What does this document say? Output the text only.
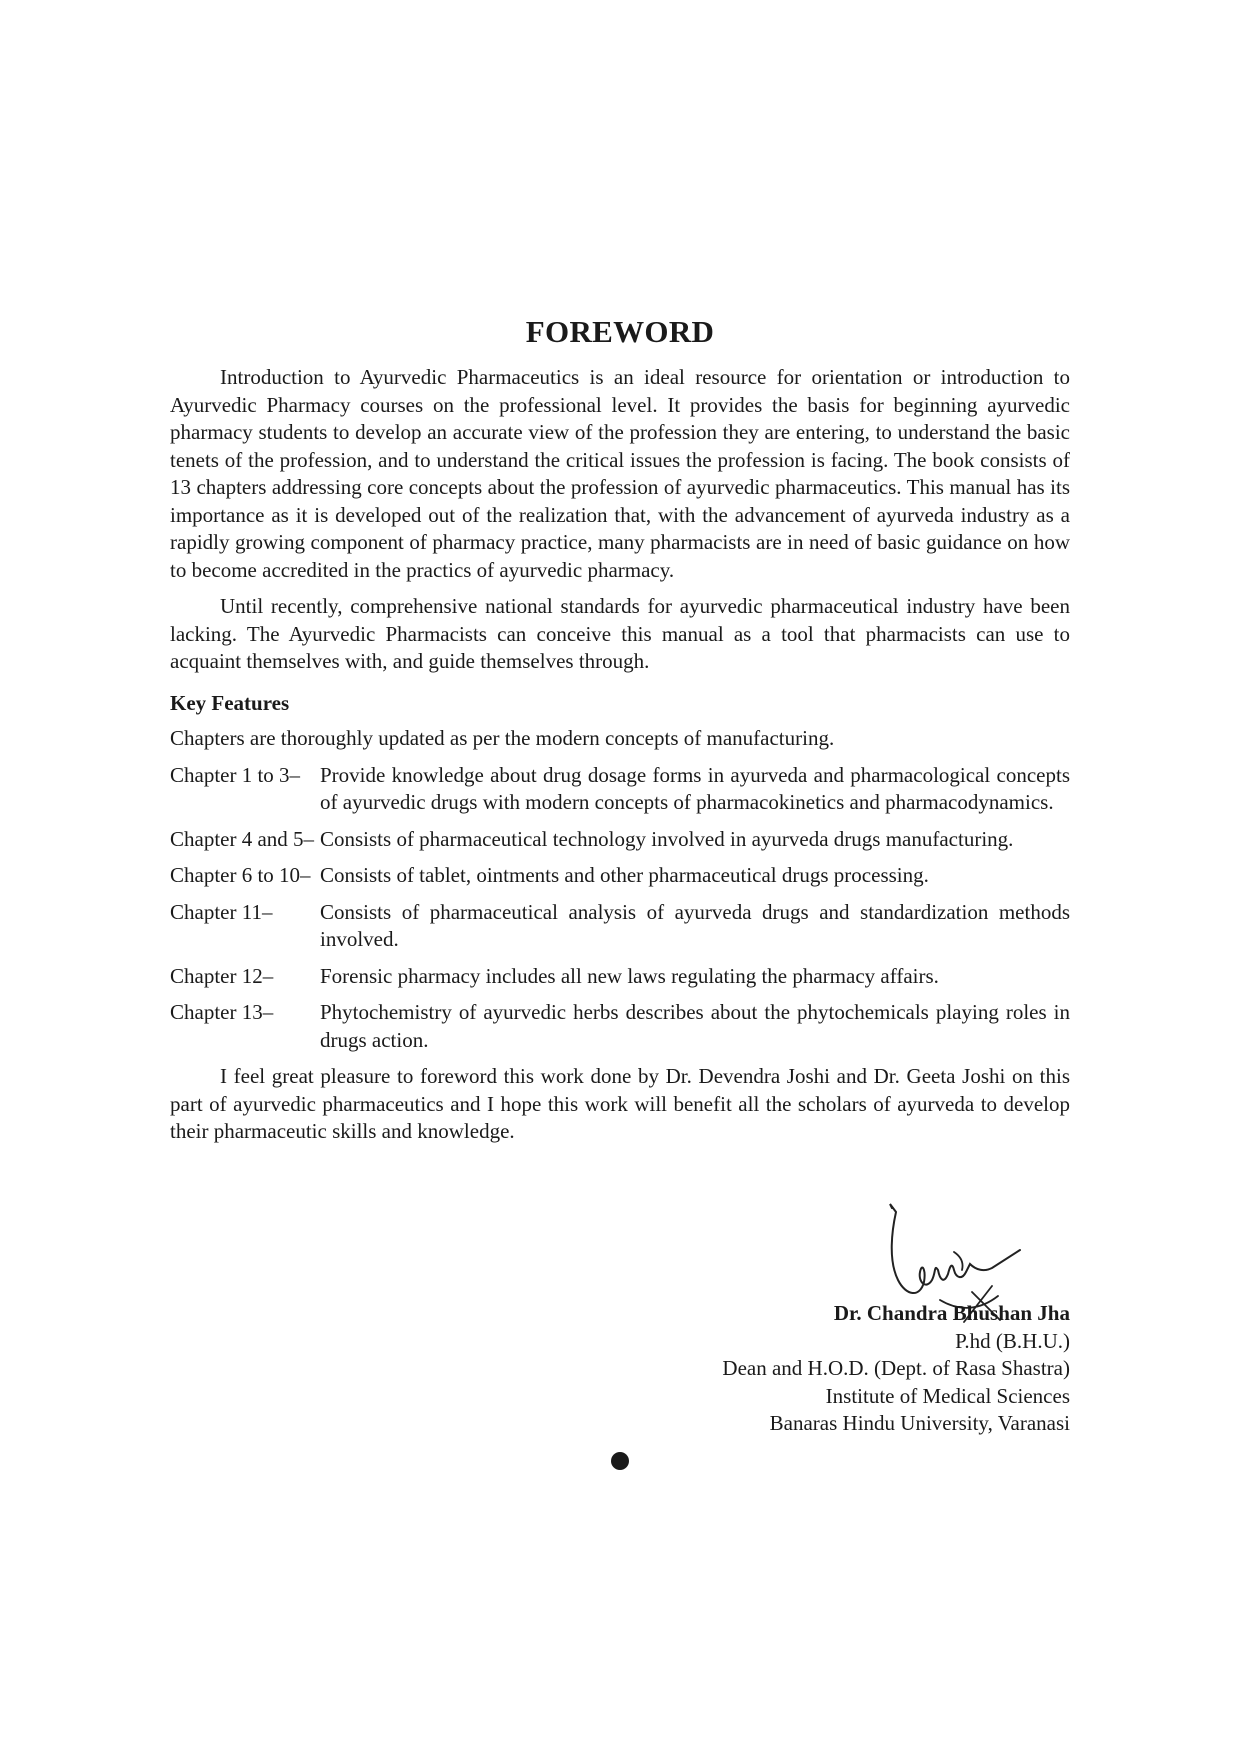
FOREWORD

Introduction to Ayurvedic Pharmaceutics is an ideal resource for orientation or introduction to Ayurvedic Pharmacy courses on the professional level. It provides the basis for beginning ayurvedic pharmacy students to develop an accurate view of the profession they are entering, to understand the basic tenets of the profession, and to understand the critical issues the profession is facing. The book consists of 13 chapters addressing core concepts about the profession of ayurvedic pharmaceutics. This manual has its importance as it is developed out of the realization that, with the advancement of ayurveda industry as a rapidly growing component of pharmacy practice, many pharmacists are in need of basic guidance on how to become accredited in the practics of ayurvedic pharmacy.

Until recently, comprehensive national standards for ayurvedic pharmaceutical industry have been lacking. The Ayurvedic Pharmacists can conceive this manual as a tool that pharmacists can use to acquaint themselves with, and guide themselves through.

Key Features

Chapters are thoroughly updated as per the modern concepts of manufacturing.

Chapter 1 to 3– Provide knowledge about drug dosage forms in ayurveda and pharmacological concepts of ayurvedic drugs with modern concepts of pharmacokinetics and pharmacodynamics.
Chapter 4 and 5– Consists of pharmaceutical technology involved in ayurveda drugs manufacturing.
Chapter 6 to 10– Consists of tablet, ointments and other pharmaceutical drugs processing.
Chapter 11–	Consists of pharmaceutical analysis of ayurveda drugs and standardization methods involved.
Chapter 12–	Forensic pharmacy includes all new laws regulating the pharmacy affairs.
Chapter 13–	Phytochemistry of ayurvedic herbs describes about the phytochemicals playing roles in drugs action.

I feel great pleasure to foreword this work done by Dr. Devendra Joshi and Dr. Geeta Joshi on this part of ayurvedic pharmaceutics and I hope this work will benefit all the scholars of ayurveda to develop their pharmaceutic skills and knowledge.

Dr. Chandra Bhushan Jha
P.hd (B.H.U.)
Dean and H.O.D. (Dept. of Rasa Shastra)
Institute of Medical Sciences
Banaras Hindu University, Varanasi
